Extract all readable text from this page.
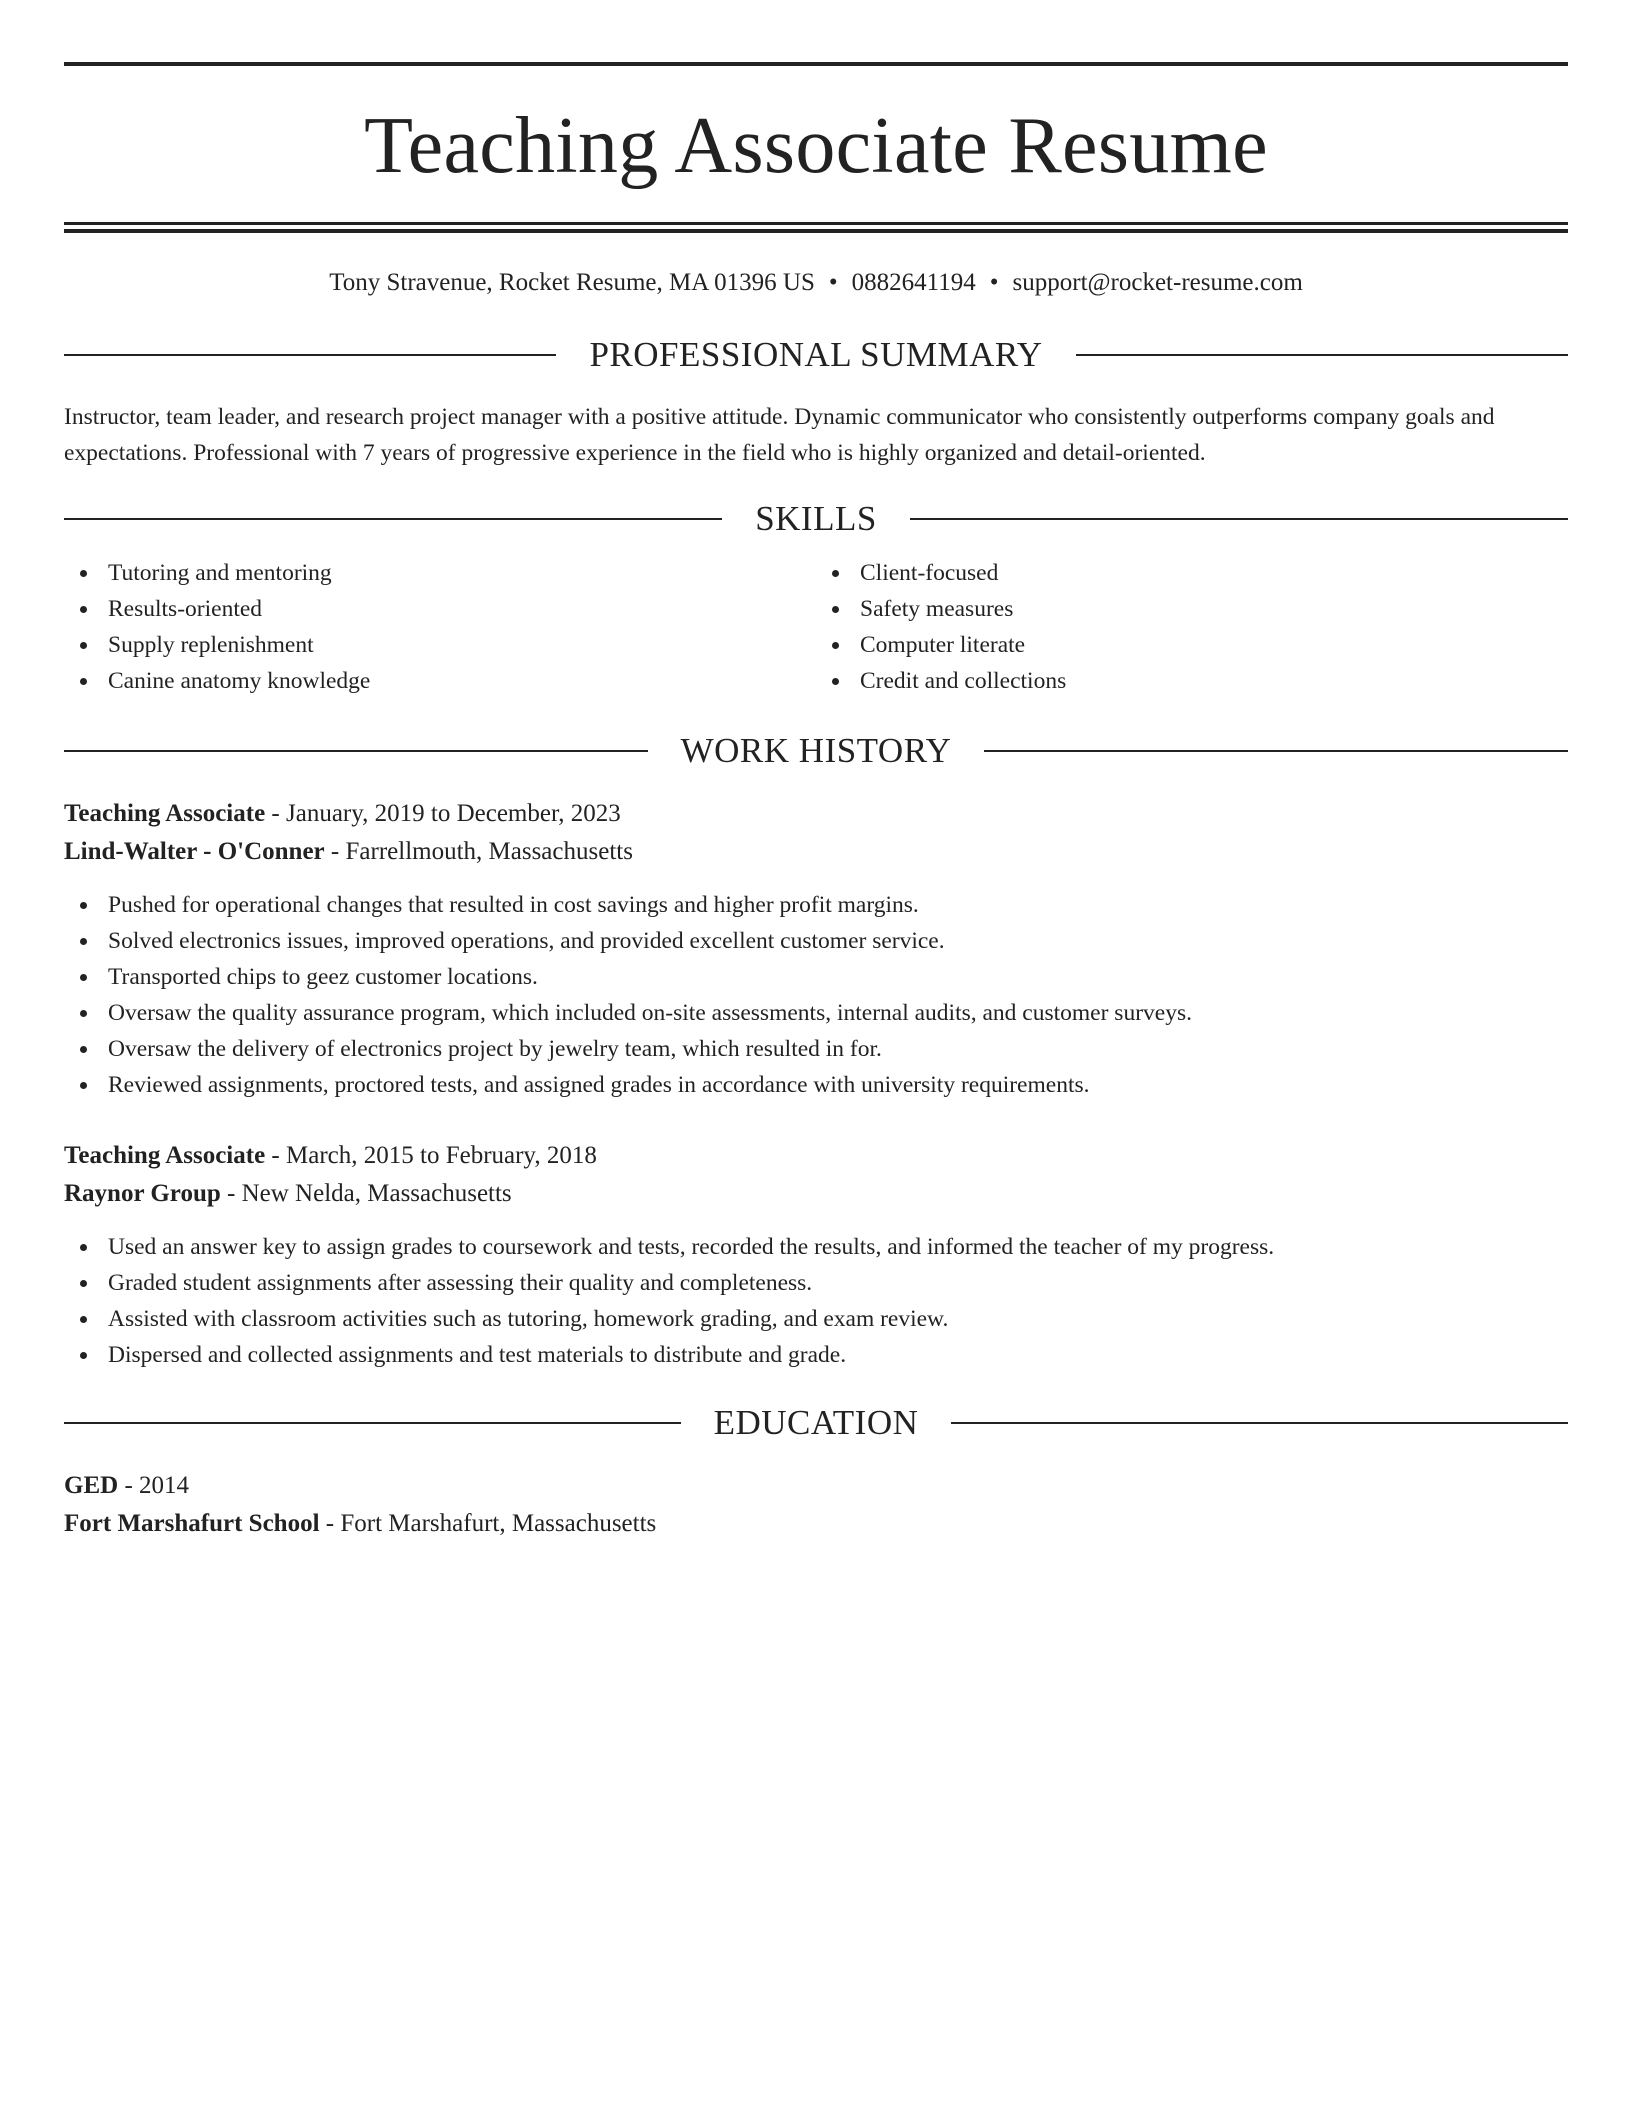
Teaching Associate Resume
Tony Stravenue, Rocket Resume, MA 01396 US • 0882641194 • support@rocket-resume.com
PROFESSIONAL SUMMARY

Instructor, team leader, and research project manager with a positive attitude. Dynamic communicator who consistently outperforms company goals and expectations. Professional with 7 years of progressive experience in the field who is highly organized and detail-oriented.

SKILLS
Tutoring and mentoring
Results-oriented
Supply replenishment
Canine anatomy knowledge
Client-focused
Safety measures
Computer literate
Credit and collections
WORK HISTORY
Teaching Associate - January, 2019 to December, 2023
Lind-Walter - O'Conner - Farrellmouth, Massachusetts
Pushed for operational changes that resulted in cost savings and higher profit margins.
Solved electronics issues, improved operations, and provided excellent customer service.
Transported chips to geez customer locations.
Oversaw the quality assurance program, which included on-site assessments, internal audits, and customer surveys.
Oversaw the delivery of electronics project by jewelry team, which resulted in for.
Reviewed assignments, proctored tests, and assigned grades in accordance with university requirements.
Teaching Associate - March, 2015 to February, 2018
Raynor Group - New Nelda, Massachusetts
Used an answer key to assign grades to coursework and tests, recorded the results, and informed the teacher of my progress.
Graded student assignments after assessing their quality and completeness.
Assisted with classroom activities such as tutoring, homework grading, and exam review.
Dispersed and collected assignments and test materials to distribute and grade.
EDUCATION
GED - 2014
Fort Marshafurt School - Fort Marshafurt, Massachusetts
